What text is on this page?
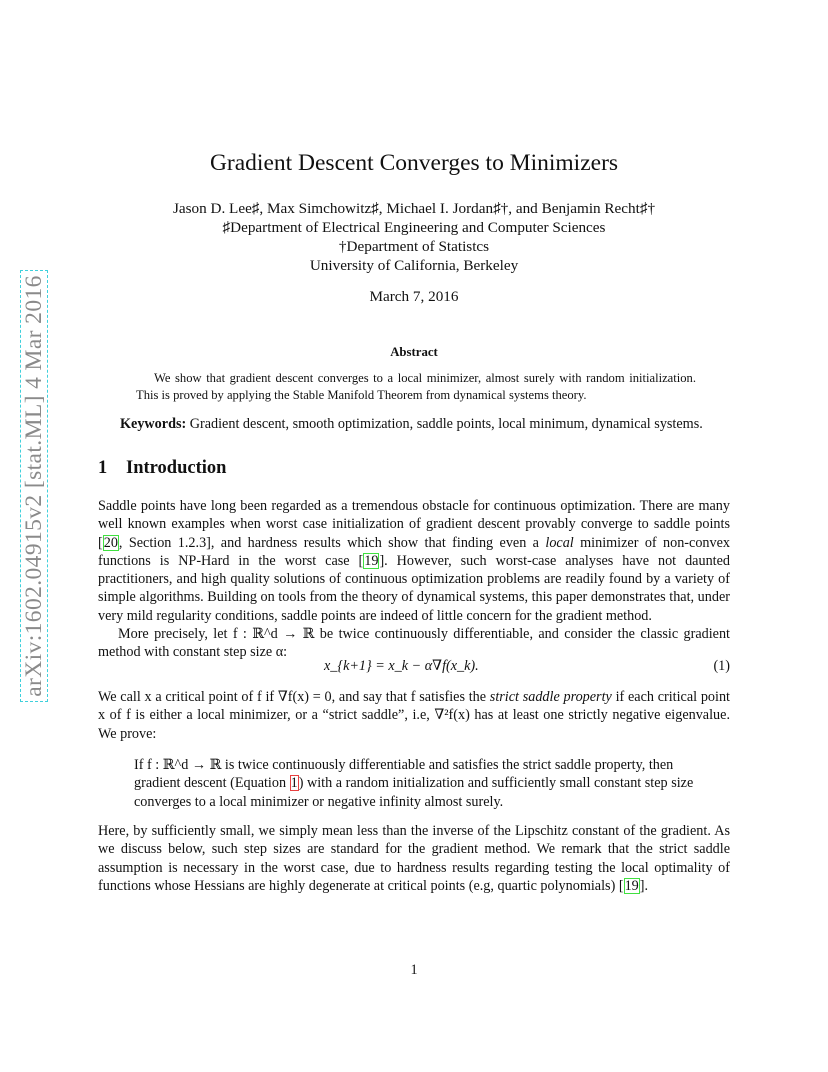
arXiv:1602.04915v2 [stat.ML] 4 Mar 2016
Gradient Descent Converges to Minimizers
Jason D. Lee♯, Max Simchowitz♯, Michael I. Jordan♯†, and Benjamin Recht♯†
♯Department of Electrical Engineering and Computer Sciences
†Department of Statistcs
University of California, Berkeley
March 7, 2016
Abstract
We show that gradient descent converges to a local minimizer, almost surely with random initialization. This is proved by applying the Stable Manifold Theorem from dynamical systems theory.
Keywords: Gradient descent, smooth optimization, saddle points, local minimum, dynamical systems.
1 Introduction
Saddle points have long been regarded as a tremendous obstacle for continuous optimization. There are many well known examples when worst case initialization of gradient descent provably converge to saddle points [20, Section 1.2.3], and hardness results which show that finding even a local minimizer of non-convex functions is NP-Hard in the worst case [19]. However, such worst-case analyses have not daunted practitioners, and high quality solutions of continuous optimization problems are readily found by a variety of simple algorithms. Building on tools from the theory of dynamical systems, this paper demonstrates that, under very mild regularity conditions, saddle points are indeed of little concern for the gradient method.
More precisely, let f : ℝ^d → ℝ be twice continuously differentiable, and consider the classic gradient method with constant step size α:
x_{k+1} = x_k − α∇f(x_k).	(1)
We call x a critical point of f if ∇f(x) = 0, and say that f satisfies the strict saddle property if each critical point x of f is either a local minimizer, or a “strict saddle”, i.e, ∇²f(x) has at least one strictly negative eigenvalue. We prove:
If f : ℝ^d → ℝ is twice continuously differentiable and satisfies the strict saddle property, then gradient descent (Equation 1) with a random initialization and sufficiently small constant step size converges to a local minimizer or negative infinity almost surely.
Here, by sufficiently small, we simply mean less than the inverse of the Lipschitz constant of the gradient. As we discuss below, such step sizes are standard for the gradient method. We remark that the strict saddle assumption is necessary in the worst case, due to hardness results regarding testing the local optimality of functions whose Hessians are highly degenerate at critical points (e.g, quartic polynomials) [19].
1
